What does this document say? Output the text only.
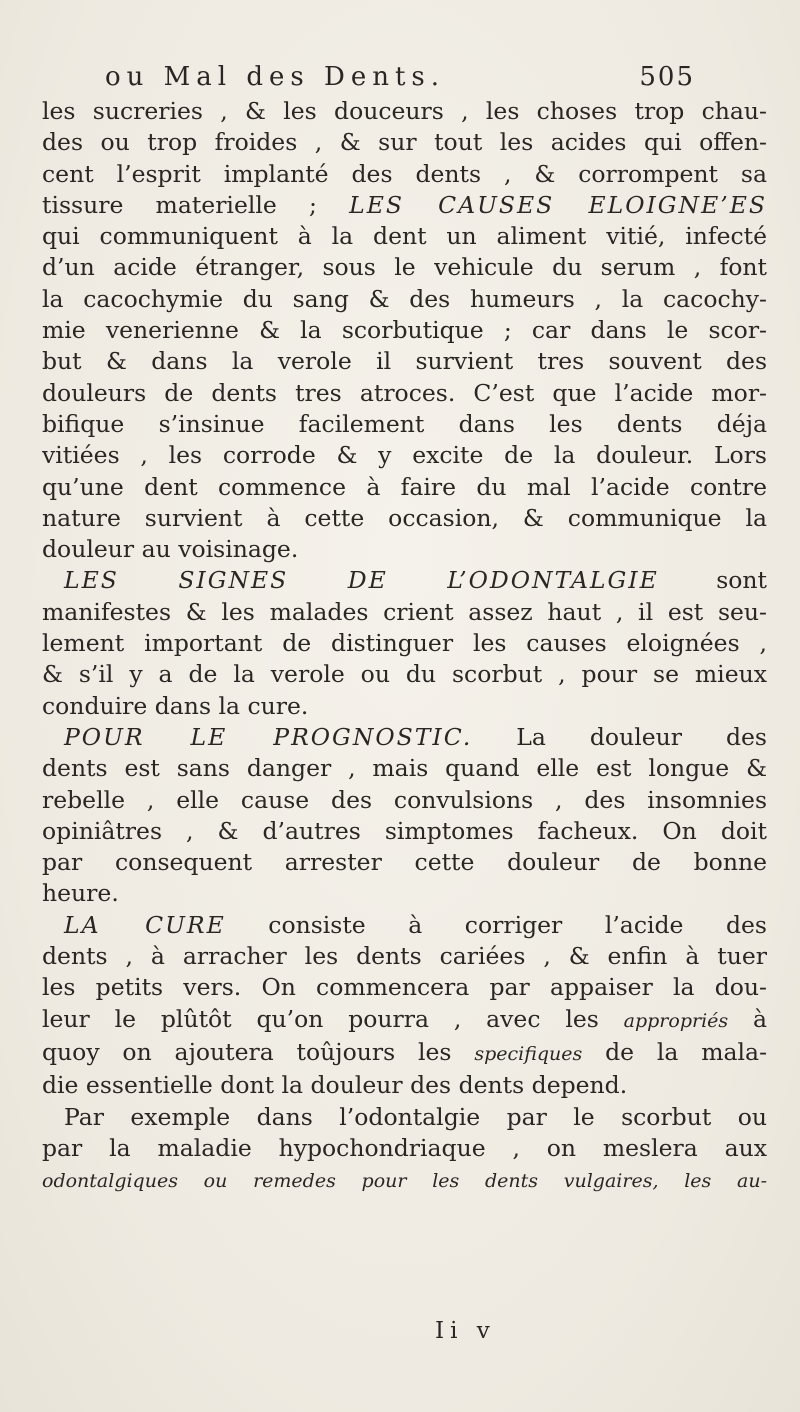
ou Mal des Dents.	505
les sucreries , & les douceurs , les choses trop chau-
des ou trop froides , & sur tout les acides qui offen-
cent l’esprit implanté des dents , & corrompent sa
tissure materielle ; LES CAUSES ELOIGNE’ES
qui communiquent à la dent un aliment vitié, infecté
d’un acide étranger, sous le vehicule du serum , font
la cacochymie du sang & des humeurs , la cacochy-
mie venerienne & la scorbutique ; car dans le scor-
but & dans la verole il survient tres souvent des
douleurs de dents tres atroces. C’est que l’acide mor-
bifique s’insinue facilement dans les dents déja
vitiées , les corrode & y excite de la douleur. Lors
qu’une dent commence à faire du mal l’acide contre
nature survient à cette occasion, & communique la
douleur au voisinage.
LES SIGNES DE L’ODONTALGIE sont
manifestes & les malades crient assez haut , il est seu-
lement important de distinguer les causes eloignées ,
& s’il y a de la verole ou du scorbut , pour se mieux
conduire dans la cure.
POUR LE PROGNOSTIC. La douleur des
dents est sans danger , mais quand elle est longue &
rebelle , elle cause des convulsions , des insomnies
opiniâtres , & d’autres simptomes facheux. On doit
par consequent arrester cette douleur de bonne
heure.
LA CURE consiste à corriger l’acide des
dents , à arracher les dents cariées , & enfin à tuer
les petits vers. On commencera par appaiser la dou-
leur le plûtôt qu’on pourra , avec les appropriés à
quoy on ajoutera toûjours les specifiques de la mala-
die essentielle dont la douleur des dents depend.
Par exemple dans l’odontalgie par le scorbut ou
par la maladie hypochondriaque , on meslera aux
odontalgiques ou remedes pour les dents vulgaires, les au-
Ii v
